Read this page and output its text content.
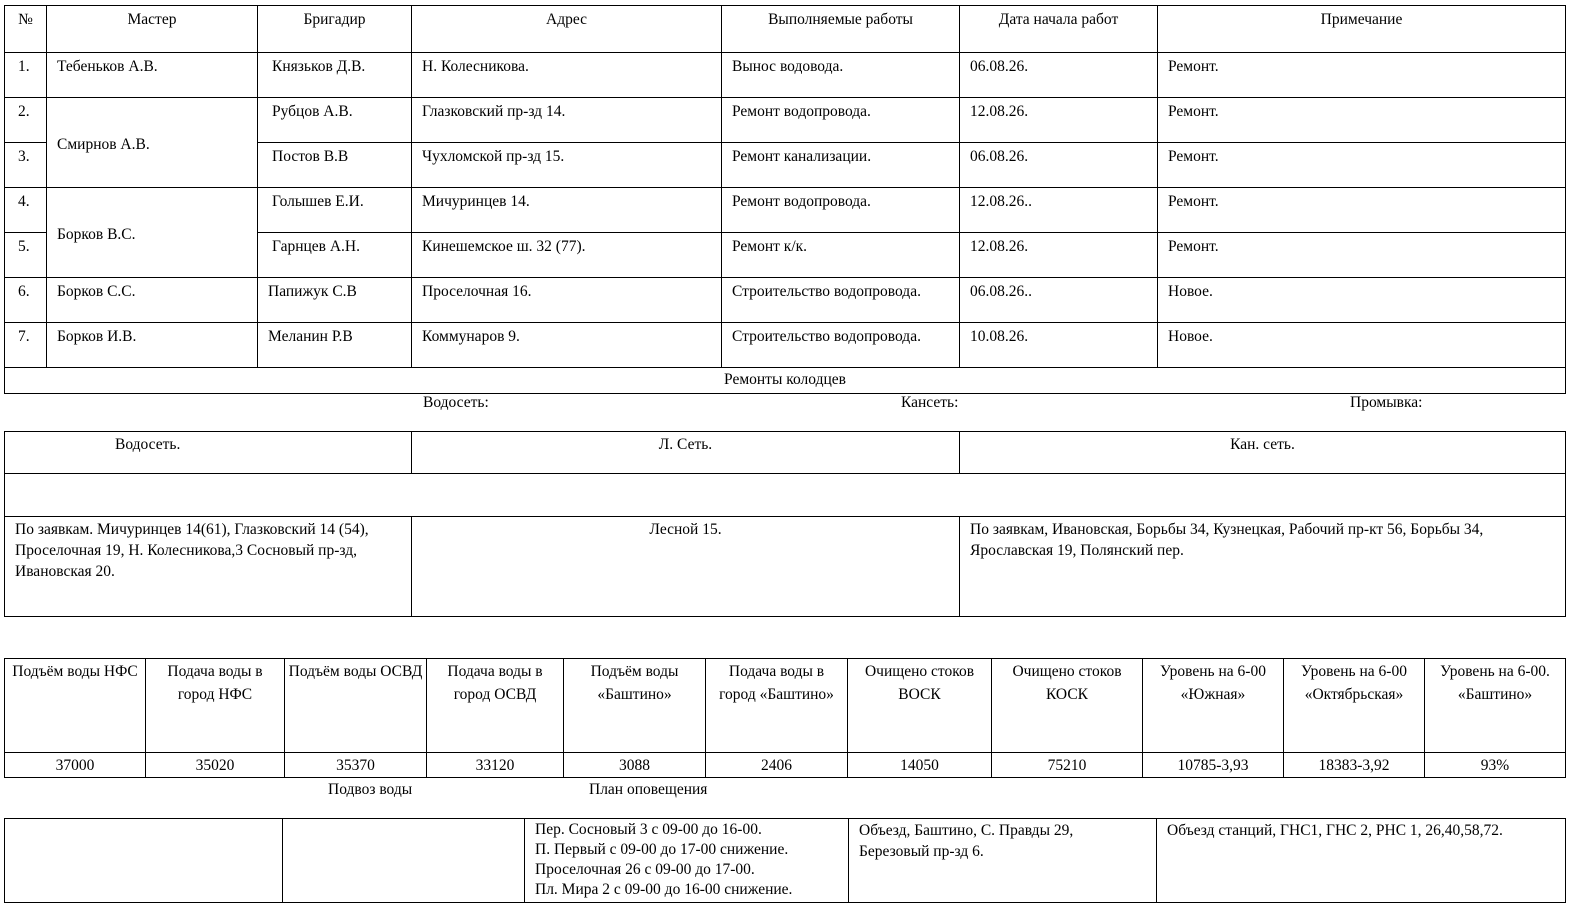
№	Мастер	Бригадир	Адрес	Выполняемые работы	Дата начала работ	Примечание
1.	Тебеньков А.В.	Князьков Д.В.	Н. Колесникова.	Вынос водовода.	06.08.26.	Ремонт.
2.	Смирнов А.В.	Рубцов А.В.	Глазковский пр-зд 14.	Ремонт водопровода.	12.08.26.	Ремонт.
3.		Постов В.В	Чухломской пр-зд 15.	Ремонт канализации.	06.08.26.	Ремонт.
4.	Борков В.С.	Голышев Е.И.	Мичуринцев 14.	Ремонт водопровода.	12.08.26..	Ремонт.
5.		Гарнцев А.Н.	Кинешемское ш. 32 (77).	Ремонт к/к.	12.08.26.	Ремонт.
6.	Борков С.С.	Папижук С.В	Проселочная 16.	Строительство водопровода.	06.08.26..	Новое.
7.	Борков И.В.	Меланин Р.В	Коммунаров 9.	Строительство водопровода.	10.08.26.	Новое.
Ремонты колодцев						
Водосеть:	Кансеть:	Промывка:
Водосеть.	Л. Сеть.	Кан. сеть.

По заявкам. Мичуринцев 14(61), Глазковский 14 (54), Проселочная 19, Н. Колесникова,3 Сосновый пр-зд, Ивановская 20.	Лесной 15.	По заявкам, Ивановская, Борьбы 34, Кузнецкая, Рабочий пр-кт 56, Борьбы 34, Ярославская 19, Полянский пер.
Подъём воды НФС	Подача воды в город НФС	Подъём воды ОСВД	Подача воды в город ОСВД	Подъём воды «Баштино»	Подача воды в город «Баштино»	Очищено стоков ВОСК	Очищено стоков КОСК	Уровень на 6-00 «Южная»	Уровень на 6-00 «Октябрьская»	Уровень на 6-00. «Баштино»
37000	35020	35370	33120	3088	2406	14050	75210	10785-3,93	18383-3,92	93%
Подвоз воды	План оповещения
		Пер. Сосновый 3 с 09-00 до 16-00.
П. Первый с 09-00 до 17-00 снижение.
Проселочная 26 с 09-00 до 17-00.
Пл. Мира 2 с 09-00 до 16-00 снижение.	Объезд, Баштино, С. Правды 29, Березовый пр-зд 6.	Объезд станций, ГНС1, ГНС 2, РНС 1, 26,40,58,72.
